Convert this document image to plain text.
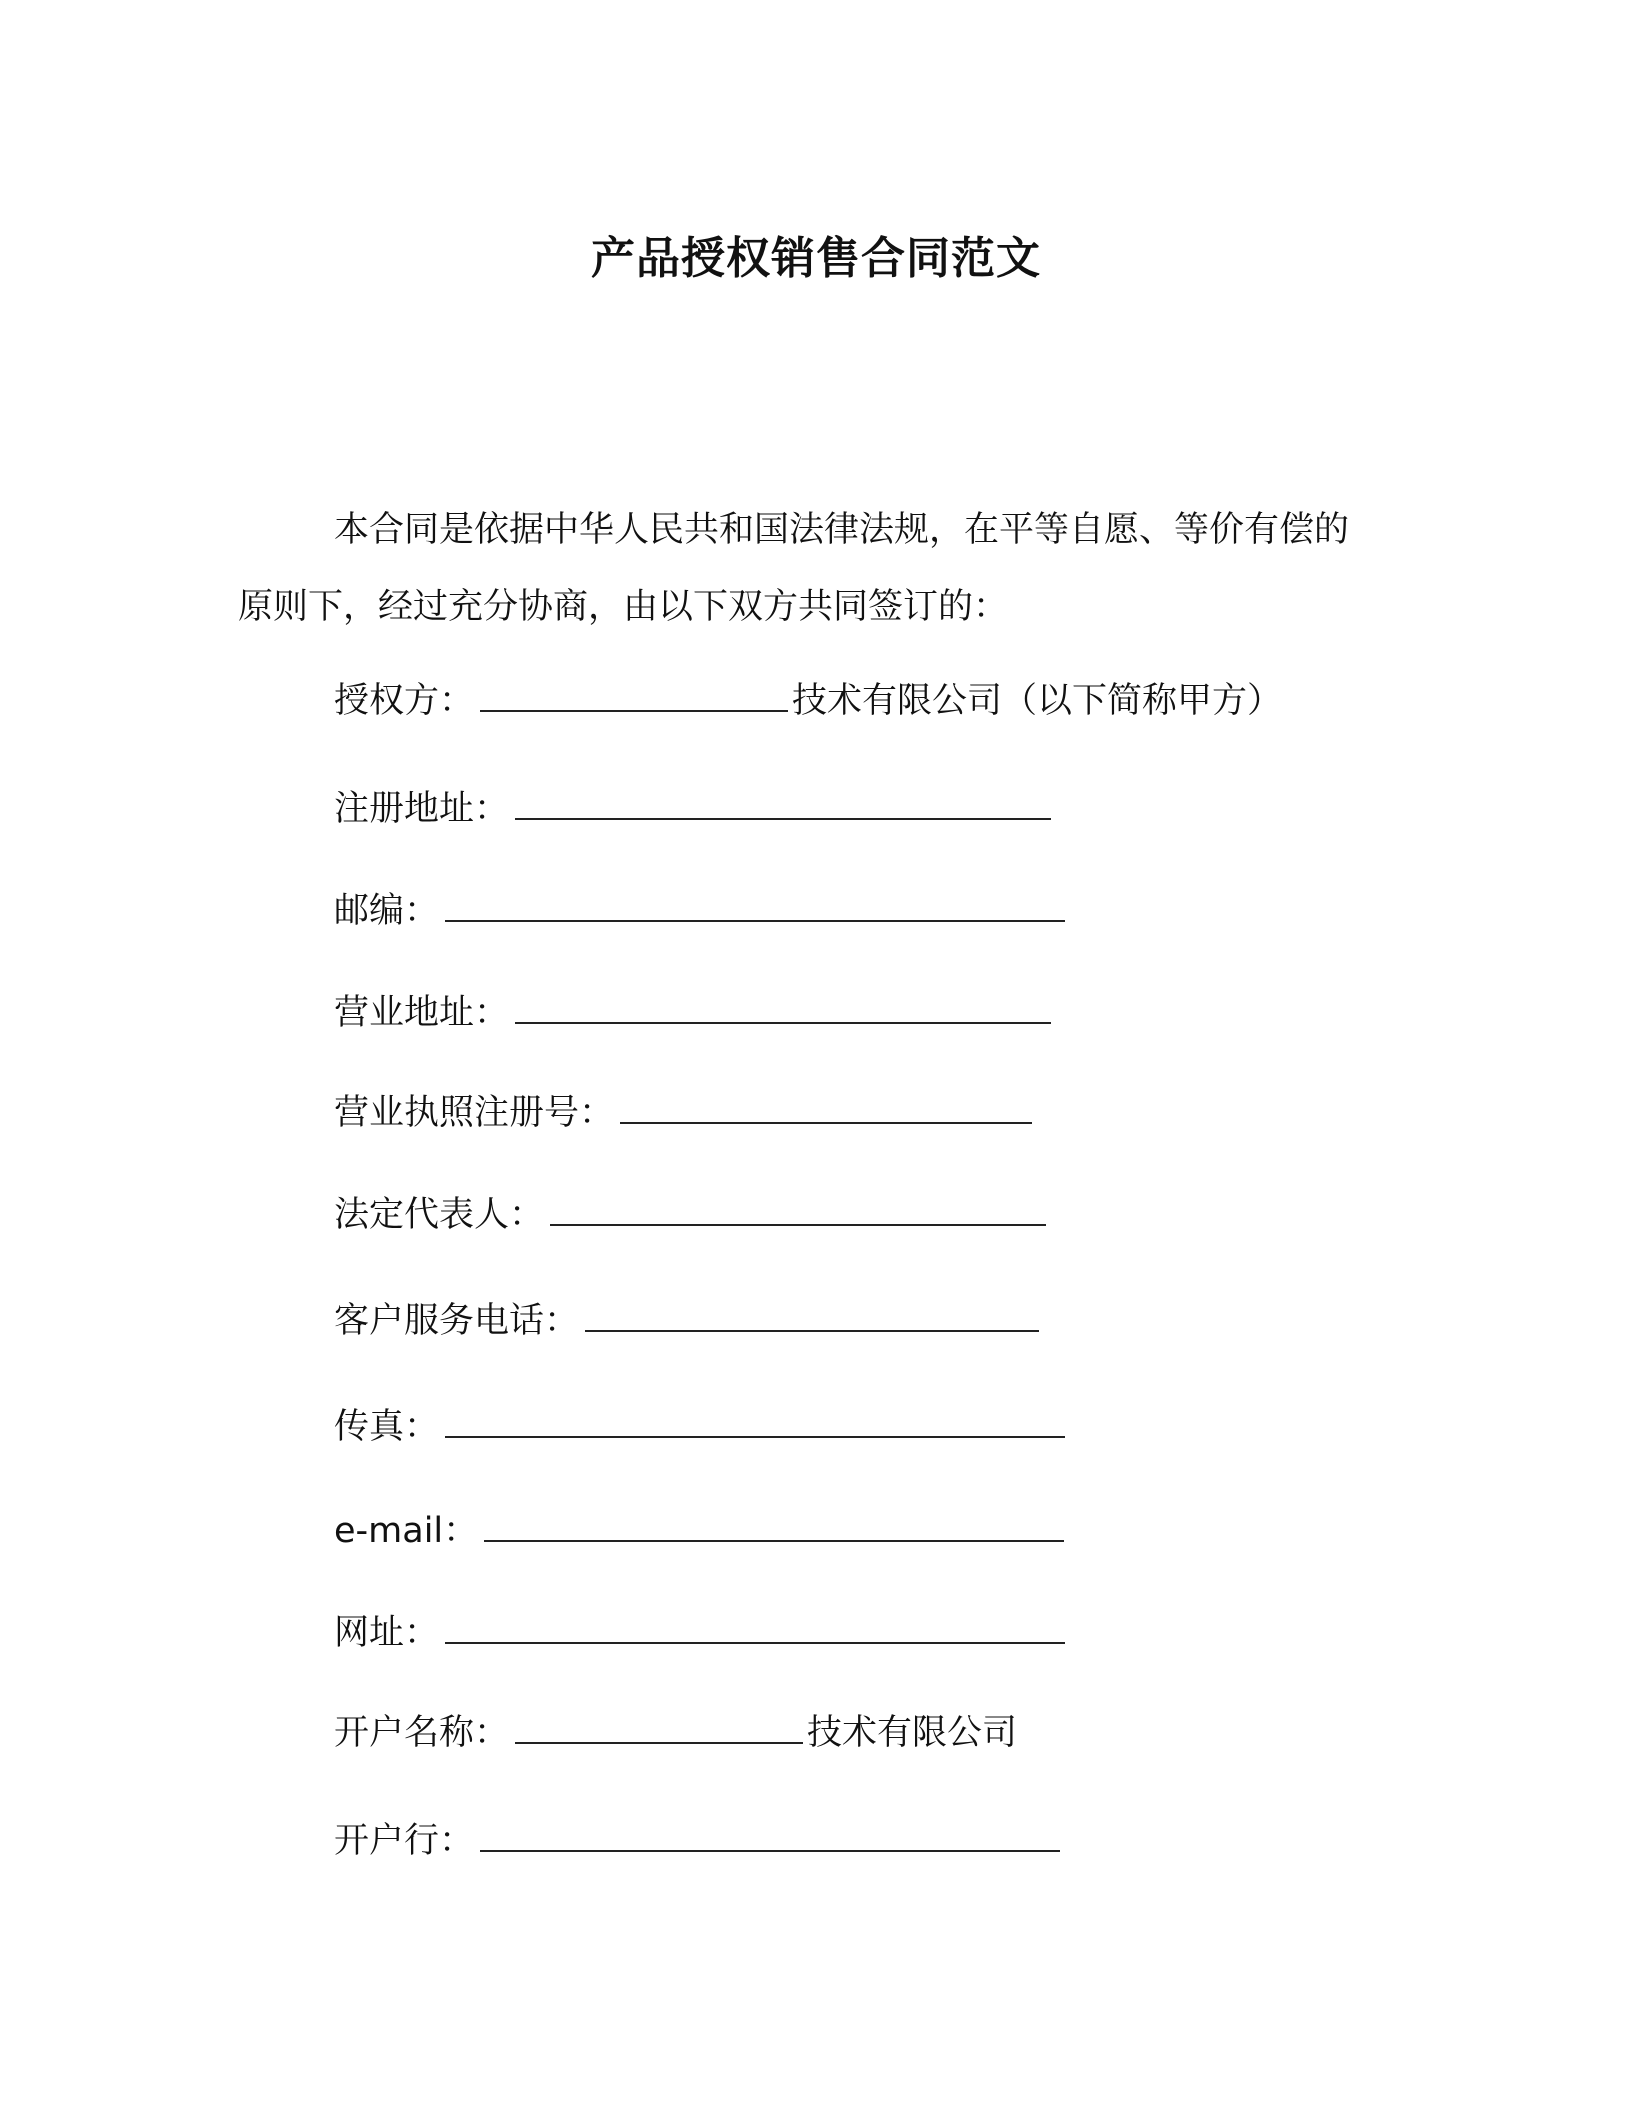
产品授权销售合同范文

本合同是依据中华人民共和国法律法规，在平等自愿、等价有偿的原则下，经过充分协商，由以下双方共同签订的：

授权方：	技术有限公司（以下简称甲方）
注册地址：
邮编：
营业地址：
营业执照注册号：
法定代表人：
客户服务电话：
传真：
e-mail：
网址：
开户名称：	技术有限公司
开户行：
